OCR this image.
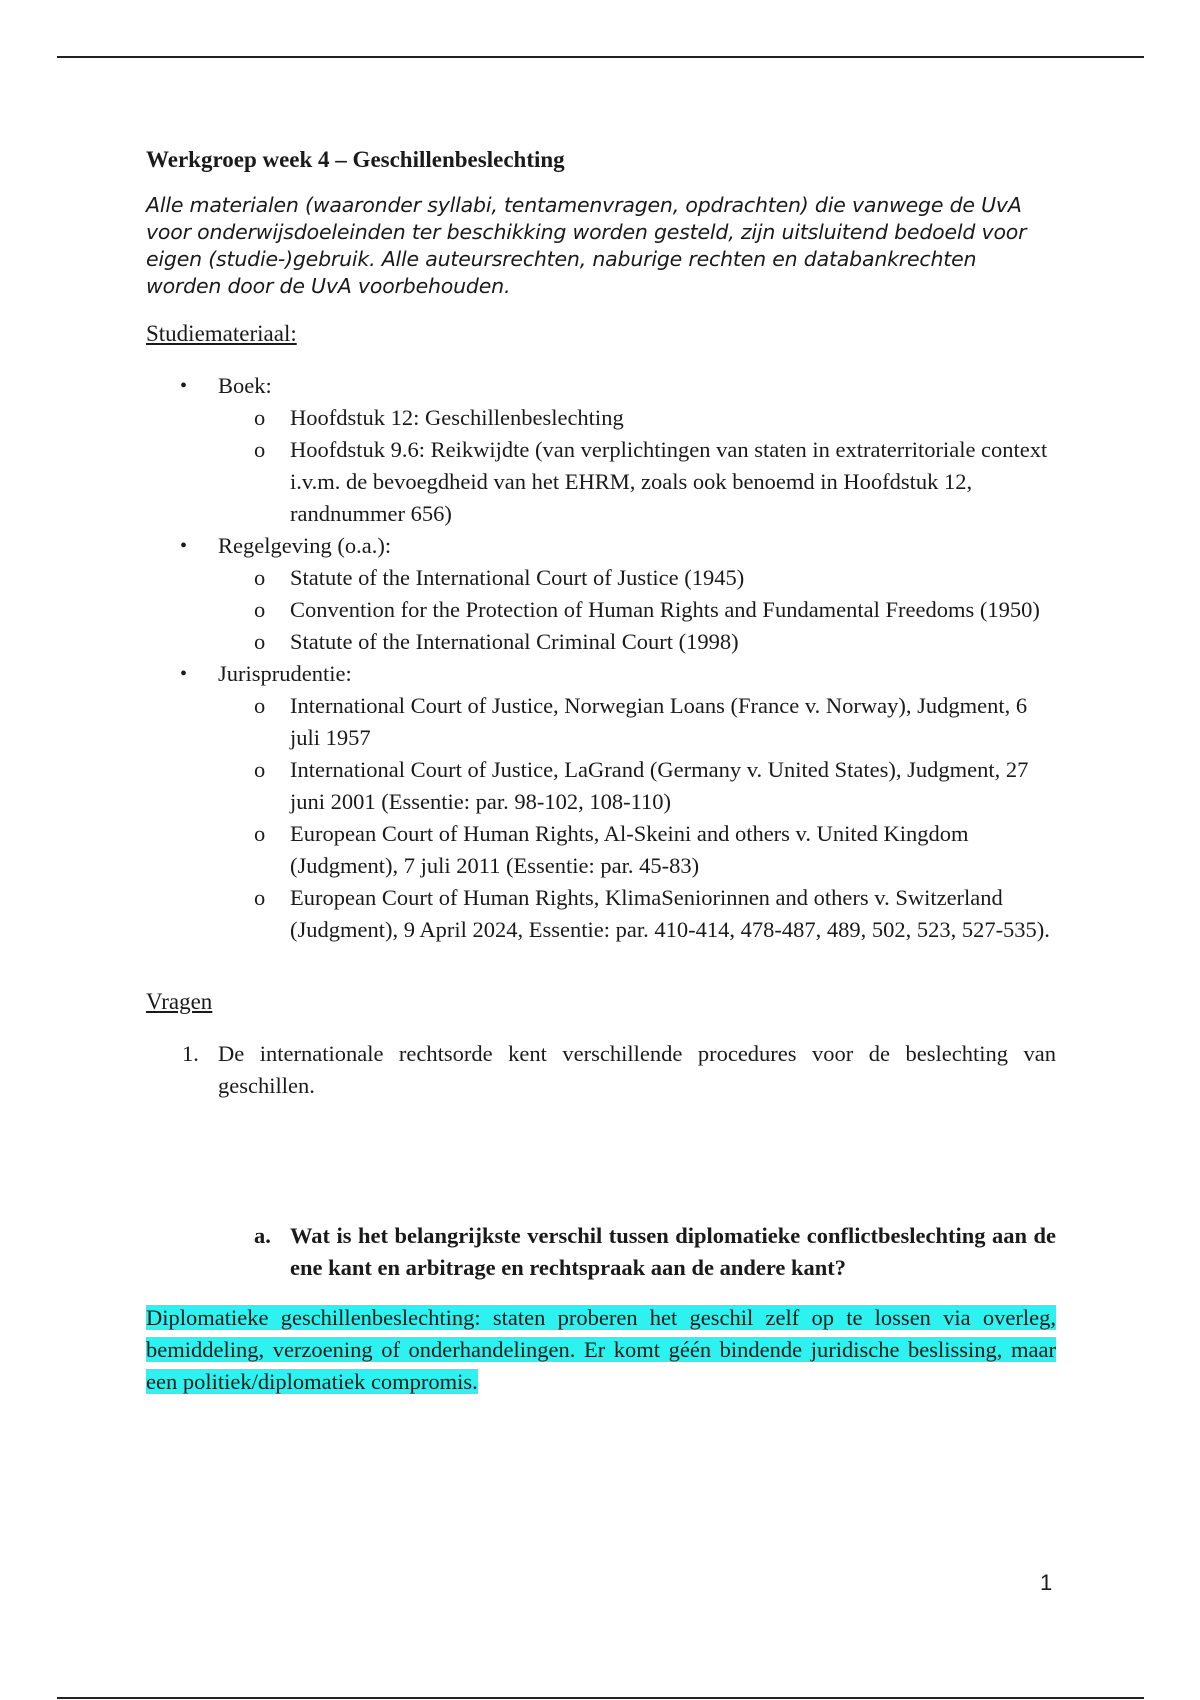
Werkgroep week 4 – Geschillenbeslechting
Alle materialen (waaronder syllabi, tentamenvragen, opdrachten) die vanwege de UvA voor onderwijsdoeleinden ter beschikking worden gesteld, zijn uitsluitend bedoeld voor eigen (studie-)gebruik. Alle auteursrechten, naburige rechten en databankrechten worden door de UvA voorbehouden.
Studiemateriaal:
• Boek:
o Hoofdstuk 12: Geschillenbeslechting
o Hoofdstuk 9.6: Reikwijdte (van verplichtingen van staten in extraterritoriale context i.v.m. de bevoegdheid van het EHRM, zoals ook benoemd in Hoofdstuk 12, randnummer 656)
• Regelgeving (o.a.):
o Statute of the International Court of Justice (1945)
o Convention for the Protection of Human Rights and Fundamental Freedoms (1950)
o Statute of the International Criminal Court (1998)
• Jurisprudentie:
o International Court of Justice, Norwegian Loans (France v. Norway), Judgment, 6 juli 1957
o International Court of Justice, LaGrand (Germany v. United States), Judgment, 27 juni 2001 (Essentie: par. 98-102, 108-110)
o European Court of Human Rights, Al-Skeini and others v. United Kingdom (Judgment), 7 juli 2011 (Essentie: par. 45-83)
o European Court of Human Rights, KlimaSeniorinnen and others v. Switzerland (Judgment), 9 April 2024, Essentie: par. 410-414, 478-487, 489, 502, 523, 527-535).
Vragen
1. De internationale rechtsorde kent verschillende procedures voor de beslechting van geschillen.
a. Wat is het belangrijkste verschil tussen diplomatieke conflictbeslechting aan de ene kant en arbitrage en rechtspraak aan de andere kant?
Diplomatieke geschillenbeslechting: staten proberen het geschil zelf op te lossen via overleg, bemiddeling, verzoening of onderhandelingen. Er komt géén bindende juridische beslissing, maar een politiek/diplomatiek compromis.
1
